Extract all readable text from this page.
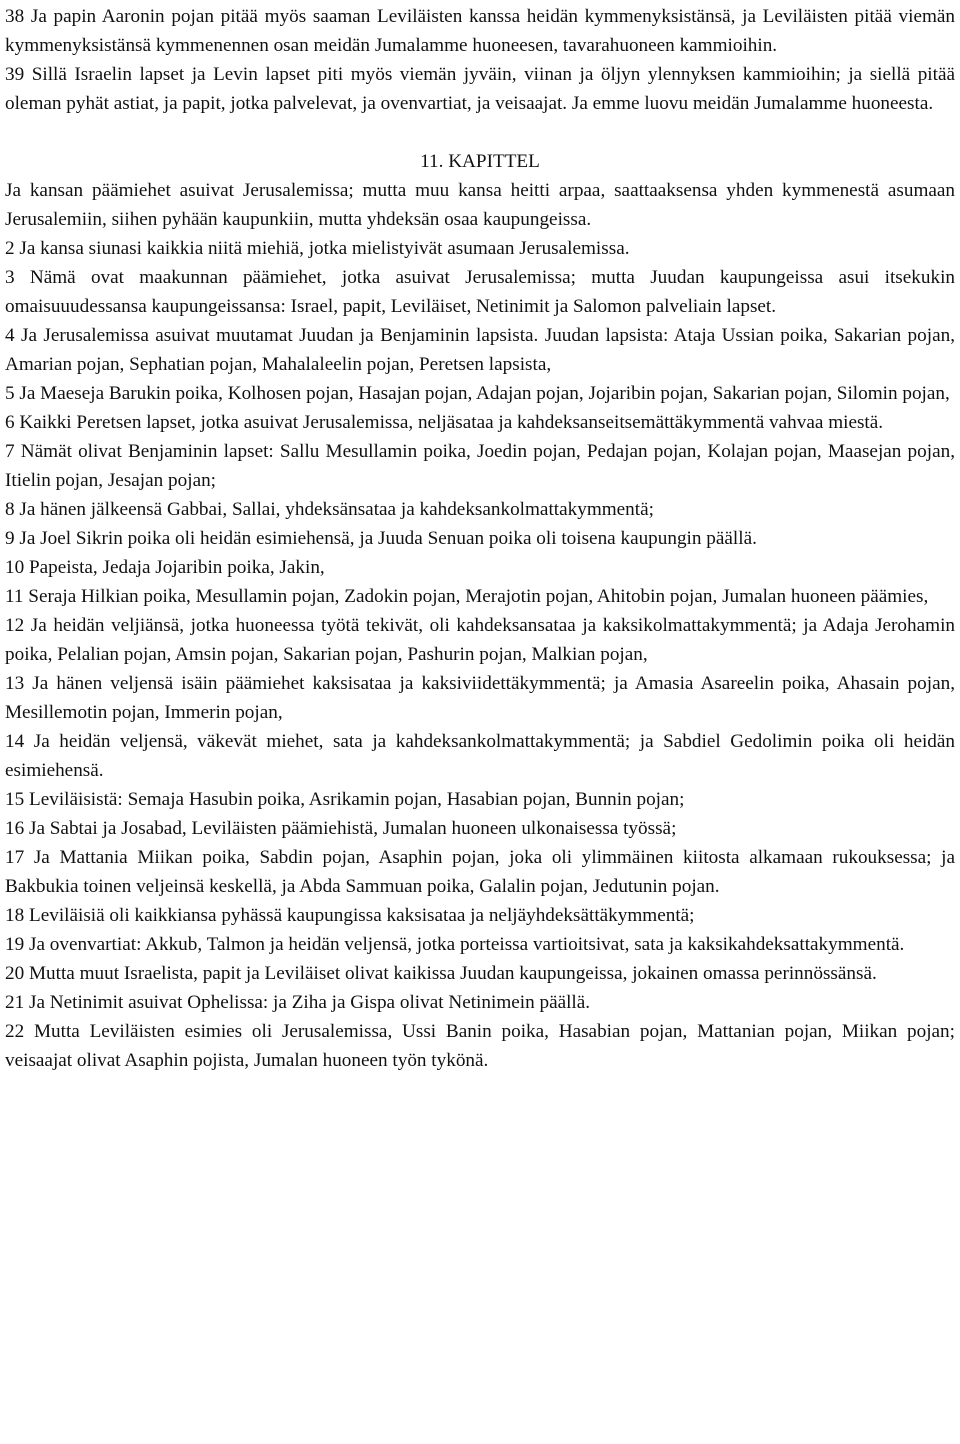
38 Ja papin Aaronin pojan pitää myös saaman Leviläisten kanssa heidän kymmenyksistänsä, ja Leviläisten pitää viemän kymmenyksistänsä kymmenennen osan meidän Jumalamme huoneesen, tavarahuoneen kammioihin.

39 Sillä Israelin lapset ja Levin lapset piti myös viemän jyväin, viinan ja öljyn ylennyksen kammioihin; ja siellä pitää oleman pyhät astiat, ja papit, jotka palvelevat, ja ovenvartiat, ja veisaajat. Ja emme luovu meidän Jumalamme huoneesta.

11. KAPITTEL

Ja kansan päämiehet asuivat Jerusalemissa; mutta muu kansa heitti arpaa, saattaaksensa yhden kymmenestä asumaan Jerusalemiin, siihen pyhään kaupunkiin, mutta yhdeksän osaa kaupungeissa.

2 Ja kansa siunasi kaikkia niitä miehiä, jotka mielistyivät asumaan Jerusalemissa.

3 Nämä ovat maakunnan päämiehet, jotka asuivat Jerusalemissa; mutta Juudan kaupungeissa asui itsekukin omaisuuudessansa kaupungeissansa: Israel, papit, Leviläiset, Netinimit ja Salomon palveliain lapset.

4 Ja Jerusalemissa asuivat muutamat Juudan ja Benjaminin lapsista. Juudan lapsista: Ataja Ussian poika, Sakarian pojan, Amarian pojan, Sephatian pojan, Mahalaleelin pojan, Peretsen lapsista,

5 Ja Maeseja Barukin poika, Kolhosen pojan, Hasajan pojan, Adajan pojan, Jojaribin pojan, Sakarian pojan, Silomin pojan,

6 Kaikki Peretsen lapset, jotka asuivat Jerusalemissa, neljäsataa ja kahdeksanseitsemättäkymmentä vahvaa miestä.

7 Nämät olivat Benjaminin lapset: Sallu Mesullamin poika, Joedin pojan, Pedajan pojan, Kolajan pojan, Maasejan pojan, Itielin pojan, Jesajan pojan;

8 Ja hänen jälkeensä Gabbai, Sallai, yhdeksänsataa ja kahdeksankolmattakymmentä;

9 Ja Joel Sikrin poika oli heidän esimiehensä, ja Juuda Senuan poika oli toisena kaupungin päällä.

10 Papeista, Jedaja Jojaribin poika, Jakin,

11 Seraja Hilkian poika, Mesullamin pojan, Zadokin pojan, Merajotin pojan, Ahitobin pojan, Jumalan huoneen päämies,

12 Ja heidän veljiänsä, jotka huoneessa työtä tekivät, oli kahdeksansataa ja kaksikolmattakymmentä; ja Adaja Jerohamin poika, Pelalian pojan, Amsin pojan, Sakarian pojan, Pashurin pojan, Malkian pojan,

13 Ja hänen veljensä isäin päämiehet kaksisataa ja kaksiviidettäkymmentä; ja Amasia Asareelin poika, Ahasain pojan, Mesillemotin pojan, Immerin pojan,

14 Ja heidän veljensä, väkevät miehet, sata ja kahdeksankolmattakymmentä; ja Sabdiel Gedolimin poika oli heidän esimiehensä.

15 Leviläisistä: Semaja Hasubin poika, Asrikamin pojan, Hasabian pojan, Bunnin pojan;

16 Ja Sabtai ja Josabad, Leviläisten päämiehistä, Jumalan huoneen ulkonaisessa työssä;

17 Ja Mattania Miikan poika, Sabdin pojan, Asaphin pojan, joka oli ylimmäinen kiitosta alkamaan rukouksessa; ja Bakbukia toinen veljeinsä keskellä, ja Abda Sammuan poika, Galalin pojan, Jedutunin pojan.

18 Leviläisiä oli kaikkiansa pyhässä kaupungissa kaksisataa ja neljäyhdeksättäkymmentä;

19 Ja ovenvartiat: Akkub, Talmon ja heidän veljensä, jotka porteissa vartioitsivat, sata ja kaksikahdeksattakymmentä.

20 Mutta muut Israelista, papit ja Leviläiset olivat kaikissa Juudan kaupungeissa, jokainen omassa perinnössänsä.

21 Ja Netinimit asuivat Ophelissa: ja Ziha ja Gispa olivat Netinimein päällä.

22 Mutta Leviläisten esimies oli Jerusalemissa, Ussi Banin poika, Hasabian pojan, Mattanian pojan, Miikan pojan; veisaajat olivat Asaphin pojista, Jumalan huoneen työn tykönä.
